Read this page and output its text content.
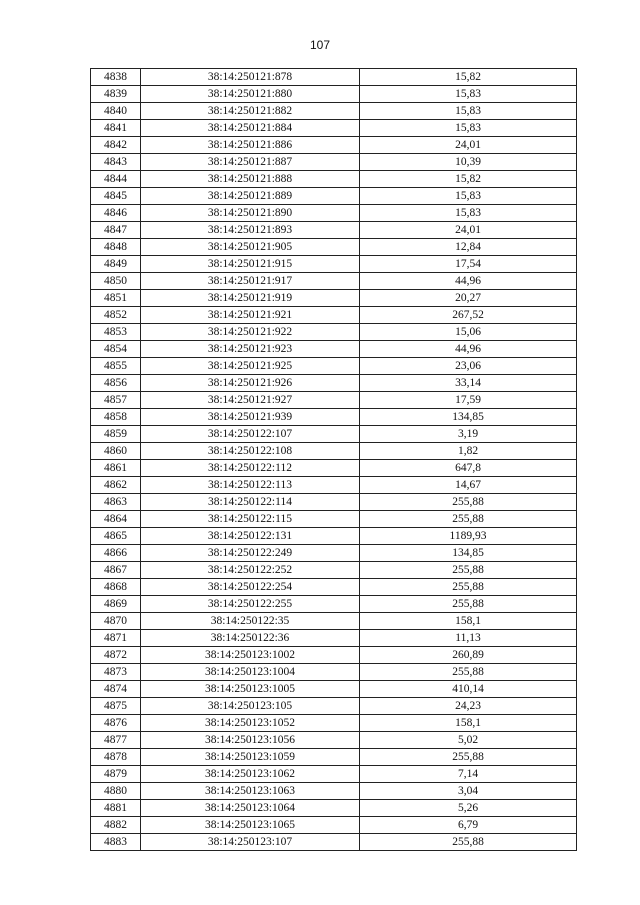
107
4838	38:14:250121:878	15,82
4839	38:14:250121:880	15,83
4840	38:14:250121:882	15,83
4841	38:14:250121:884	15,83
4842	38:14:250121:886	24,01
4843	38:14:250121:887	10,39
4844	38:14:250121:888	15,82
4845	38:14:250121:889	15,83
4846	38:14:250121:890	15,83
4847	38:14:250121:893	24,01
4848	38:14:250121:905	12,84
4849	38:14:250121:915	17,54
4850	38:14:250121:917	44,96
4851	38:14:250121:919	20,27
4852	38:14:250121:921	267,52
4853	38:14:250121:922	15,06
4854	38:14:250121:923	44,96
4855	38:14:250121:925	23,06
4856	38:14:250121:926	33,14
4857	38:14:250121:927	17,59
4858	38:14:250121:939	134,85
4859	38:14:250122:107	3,19
4860	38:14:250122:108	1,82
4861	38:14:250122:112	647,8
4862	38:14:250122:113	14,67
4863	38:14:250122:114	255,88
4864	38:14:250122:115	255,88
4865	38:14:250122:131	1189,93
4866	38:14:250122:249	134,85
4867	38:14:250122:252	255,88
4868	38:14:250122:254	255,88
4869	38:14:250122:255	255,88
4870	38:14:250122:35	158,1
4871	38:14:250122:36	11,13
4872	38:14:250123:1002	260,89
4873	38:14:250123:1004	255,88
4874	38:14:250123:1005	410,14
4875	38:14:250123:105	24,23
4876	38:14:250123:1052	158,1
4877	38:14:250123:1056	5,02
4878	38:14:250123:1059	255,88
4879	38:14:250123:1062	7,14
4880	38:14:250123:1063	3,04
4881	38:14:250123:1064	5,26
4882	38:14:250123:1065	6,79
4883	38:14:250123:107	255,88
